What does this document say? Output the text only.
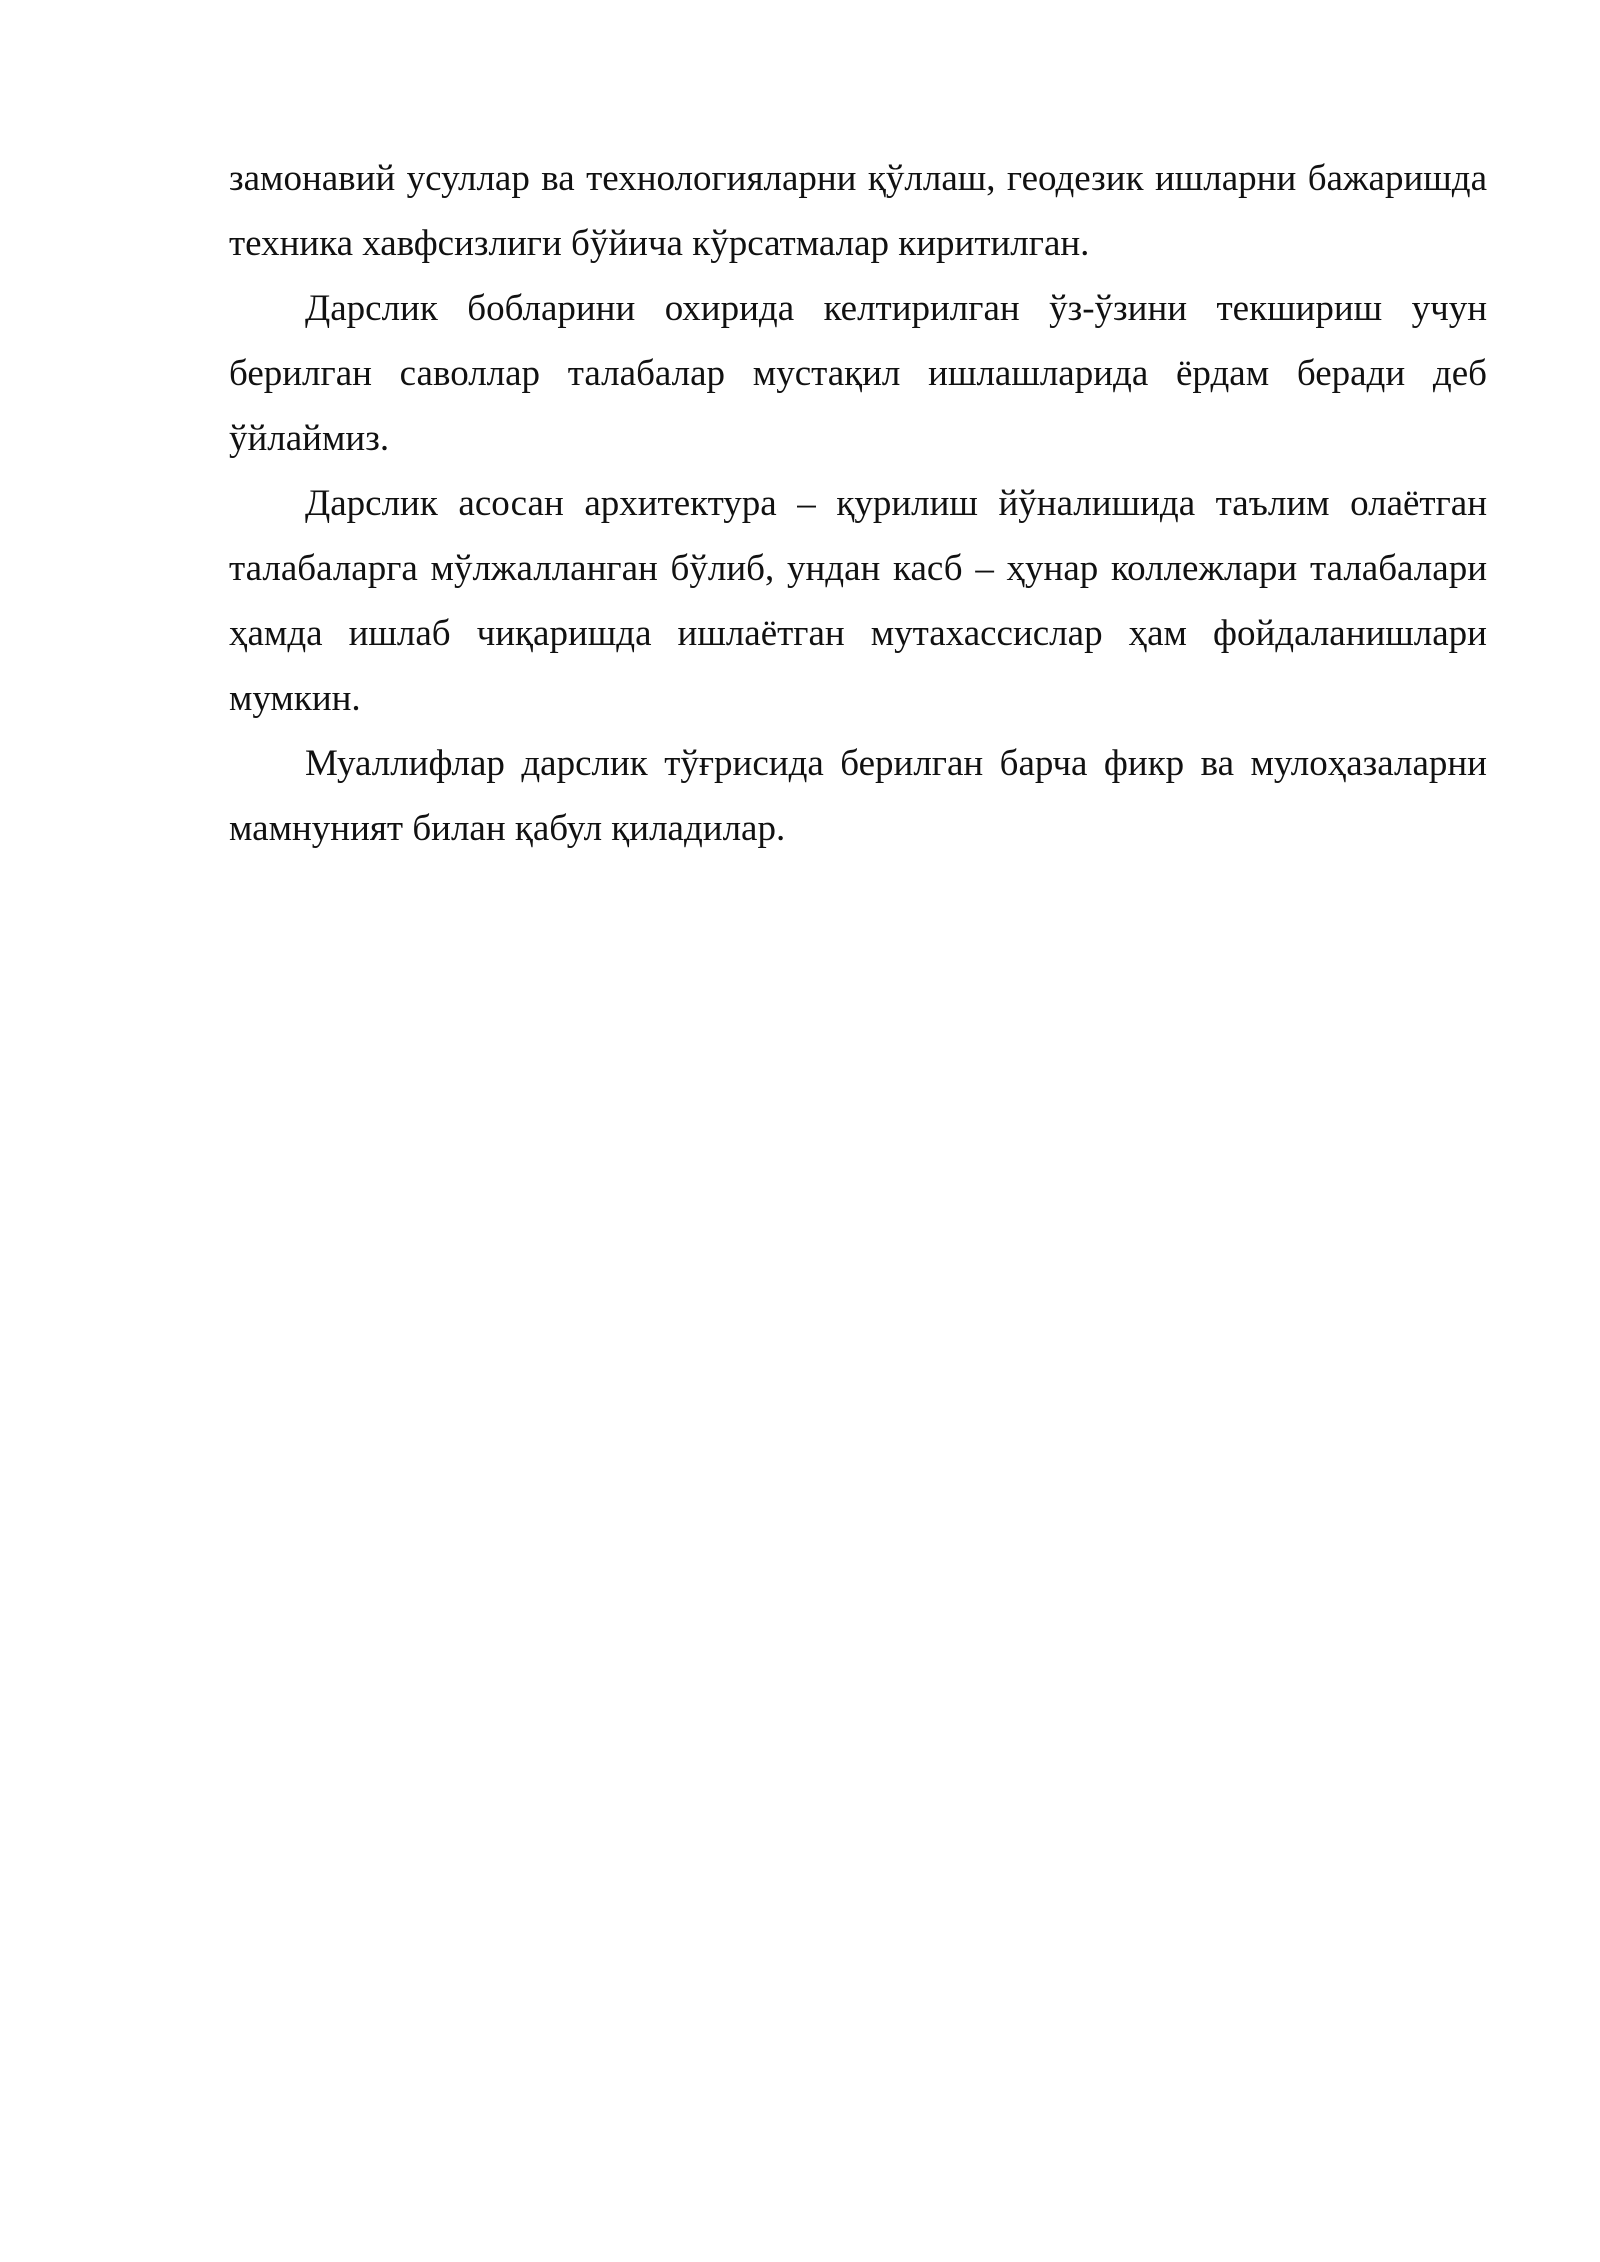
замонавий усуллар ва технологияларни қўллаш, геодезик ишларни бажаришда техника хавфсизлиги бўйича кўрсатмалар киритилган.

Дарслик бобларини охирида келтирилган ўз-ўзини текшириш учун берилган саволлар талабалар мустақил ишлашларида ёрдам беради деб ўйлаймиз.

Дарслик асосан архитектура – қурилиш йўналишида таълим олаётган талабаларга мўлжалланган бўлиб, ундан касб – ҳунар коллежлари талабалари ҳамда ишлаб чиқаришда ишлаётган мутахассислар ҳам фойдаланишлари мумкин.

Муаллифлар дарслик тўғрисида берилган барча фикр ва мулоҳазаларни мамнуният билан қабул қиладилар.
